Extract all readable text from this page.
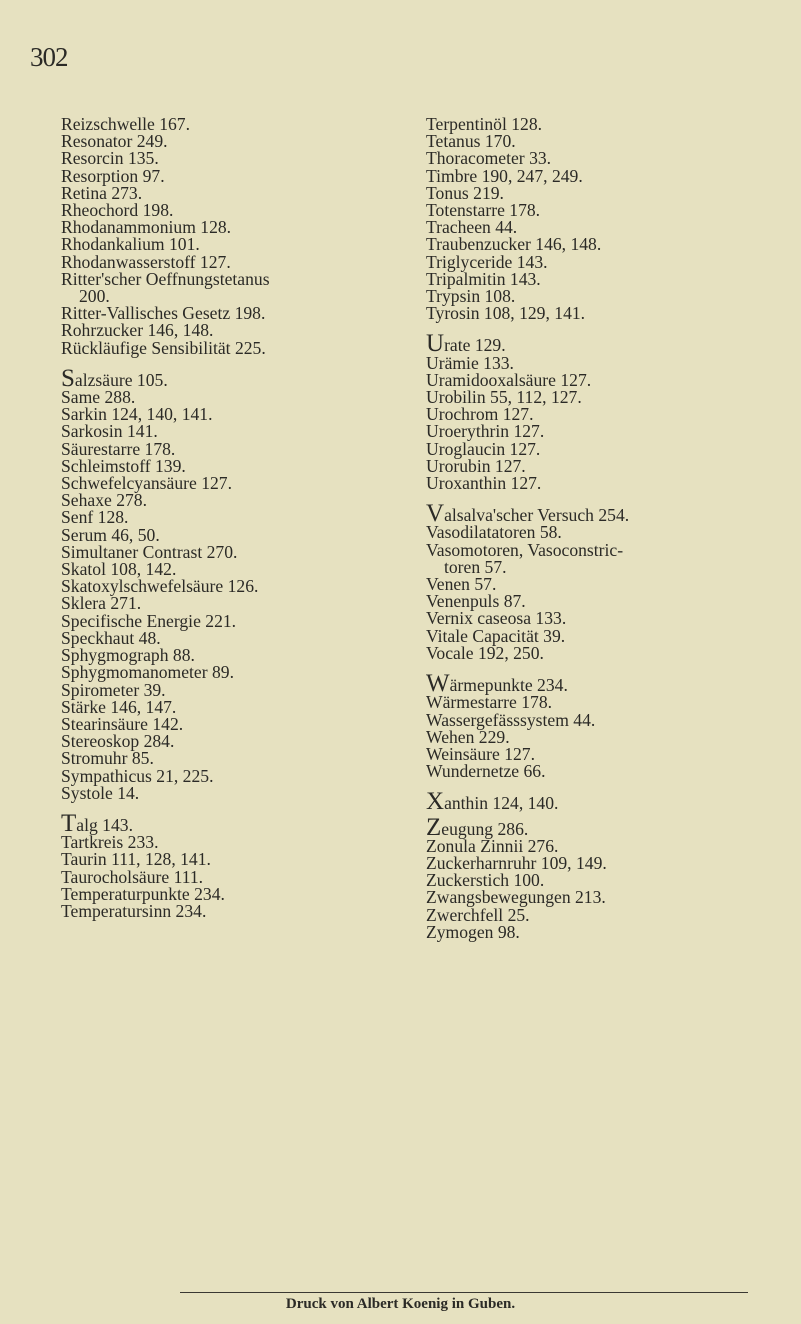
302
Reizschwelle 167.
Resonator 249.
Resorcin 135.
Resorption 97.
Retina 273.
Rheochord 198.
Rhodanammonium 128.
Rhodankalium 101.
Rhodanwasserstoff 127.
Ritter'scher Oeffnungstetanus
200.
Ritter-Vallisches Gesetz 198.
Rohrzucker 146, 148.
Rückläufige Sensibilität 225.
Salzsäure 105.
Same 288.
Sarkin 124, 140, 141.
Sarkosin 141.
Säurestarre 178.
Schleimstoff 139.
Schwefelcyansäure 127.
Sehaxe 278.
Senf 128.
Serum 46, 50.
Simultaner Contrast 270.
Skatol 108, 142.
Skatoxylschwefelsäure 126.
Sklera 271.
Specifische Energie 221.
Speckhaut 48.
Sphygmograph 88.
Sphygmomanometer 89.
Spirometer 39.
Stärke 146, 147.
Stearinsäure 142.
Stereoskop 284.
Stromuhr 85.
Sympathicus 21, 225.
Systole 14.
Talg 143.
Tartkreis 233.
Taurin 111, 128, 141.
Taurocholsäure 111.
Temperaturpunkte 234.
Temperatursinn 234.
Terpentinöl 128.
Tetanus 170.
Thoracometer 33.
Timbre 190, 247, 249.
Tonus 219.
Totenstarre 178.
Tracheen 44.
Traubenzucker 146, 148.
Triglyceride 143.
Tripalmitin 143.
Trypsin 108.
Tyrosin 108, 129, 141.
Urate 129.
Urämie 133.
Uramidooxalsäure 127.
Urobilin 55, 112, 127.
Urochrom 127.
Uroerythrin 127.
Uroglaucin 127.
Urorubin 127.
Uroxanthin 127.
Valsalva'scher Versuch 254.
Vasodilatatoren 58.
Vasomotoren, Vasoconstric-
toren 57.
Venen 57.
Venenpuls 87.
Vernix caseosa 133.
Vitale Capacität 39.
Vocale 192, 250.
Wärmepunkte 234.
Wärmestarre 178.
Wassergefässsystem 44.
Wehen 229.
Weinsäure 127.
Wundernetze 66.
Xanthin 124, 140.
Zeugung 286.
Zonula Zinnii 276.
Zuckerharnruhr 109, 149.
Zuckerstich 100.
Zwangsbewegungen 213.
Zwerchfell 25.
Zymogen 98.
Druck von Albert Koenig in Guben.
